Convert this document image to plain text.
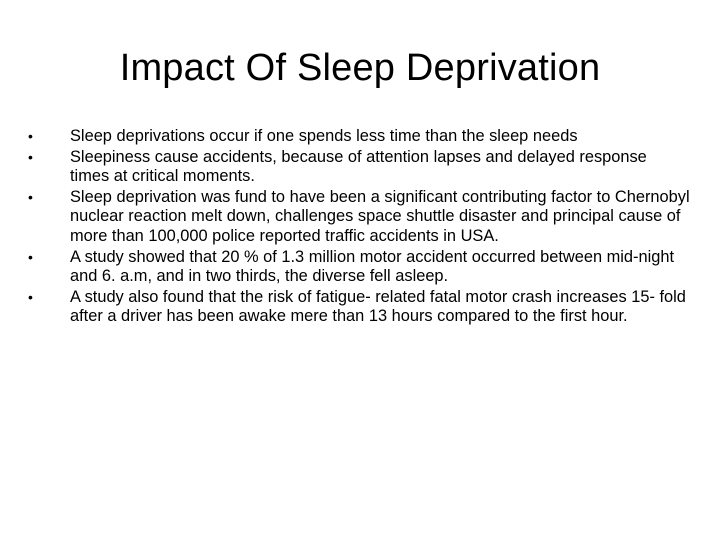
Impact Of Sleep Deprivation
•	Sleep deprivations occur if one spends less time than the sleep needs
•	Sleepiness cause accidents, because of attention lapses and delayed response times at critical moments.
•	Sleep deprivation was fund to have been a significant contributing factor to Chernobyl nuclear reaction melt down, challenges space shuttle disaster and principal cause of more than 100,000 police reported traffic accidents in USA.
•	A study showed that 20 % of 1.3 million motor accident occurred between mid-night and 6. a.m, and in two thirds, the diverse fell asleep.
•	A study also found that the risk of fatigue- related fatal motor crash increases 15- fold after a driver has been awake mere than 13 hours compared to the first hour.
